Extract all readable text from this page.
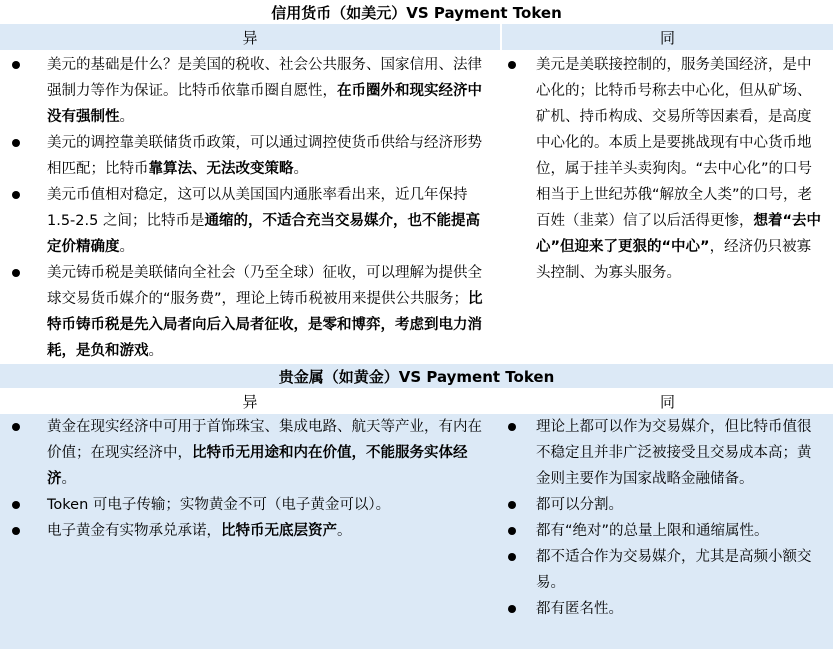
信用货币（如美元）VS Payment Token
异	同

美元的基础是什么？是美国的税收、社会公共服务、国家信用、法律强制力等作为保证。比特币依靠币圈自愿性，在币圈外和现实经济中没有强制性。

美元的调控靠美联储货币政策，可以通过调控使货币供给与经济形势相匹配；比特币靠算法、无法改变策略。

美元币值相对稳定，这可以从美国国内通胀率看出来，近几年保持 1.5-2.5 之间；比特币是通缩的，不适合充当交易媒介，也不能提高定价精确度。

美元铸币税是美联储向全社会（乃至全球）征收，可以理解为提供全球交易货币媒介的“服务费”，理论上铸币税被用来提供公共服务；比特币铸币税是先入局者向后入局者征收，是零和博弈，考虑到电力消耗，是负和游戏。

美元是美联接控制的，服务美国经济，是中心化的；比特币号称去中心化，但从矿场、矿机、持币构成、交易所等因素看，是高度中心化的。本质上是要挑战现有中心货币地位，属于挂羊头卖狗肉。“去中心化”的口号相当于上世纪苏俄“解放全人类”的口号，老百姓（韭菜）信了以后活得更惨，想着“去中心”但迎来了更狠的“中心”，经济仍只被寡头控制、为寡头服务。

贵金属（如黄金）VS Payment Token
异	同

黄金在现实经济中可用于首饰珠宝、集成电路、航天等产业，有内在价值；在现实经济中，比特币无用途和内在价值，不能服务实体经济。

Token 可电子传输；实物黄金不可（电子黄金可以）。

电子黄金有实物承兑承诺，比特币无底层资产。

理论上都可以作为交易媒介，但比特币值很不稳定且并非广泛被接受且交易成本高；黄金则主要作为国家战略金融储备。

都可以分割。

都有“绝对”的总量上限和通缩属性。

都不适合作为交易媒介，尤其是高频小额交易。

都有匿名性。
